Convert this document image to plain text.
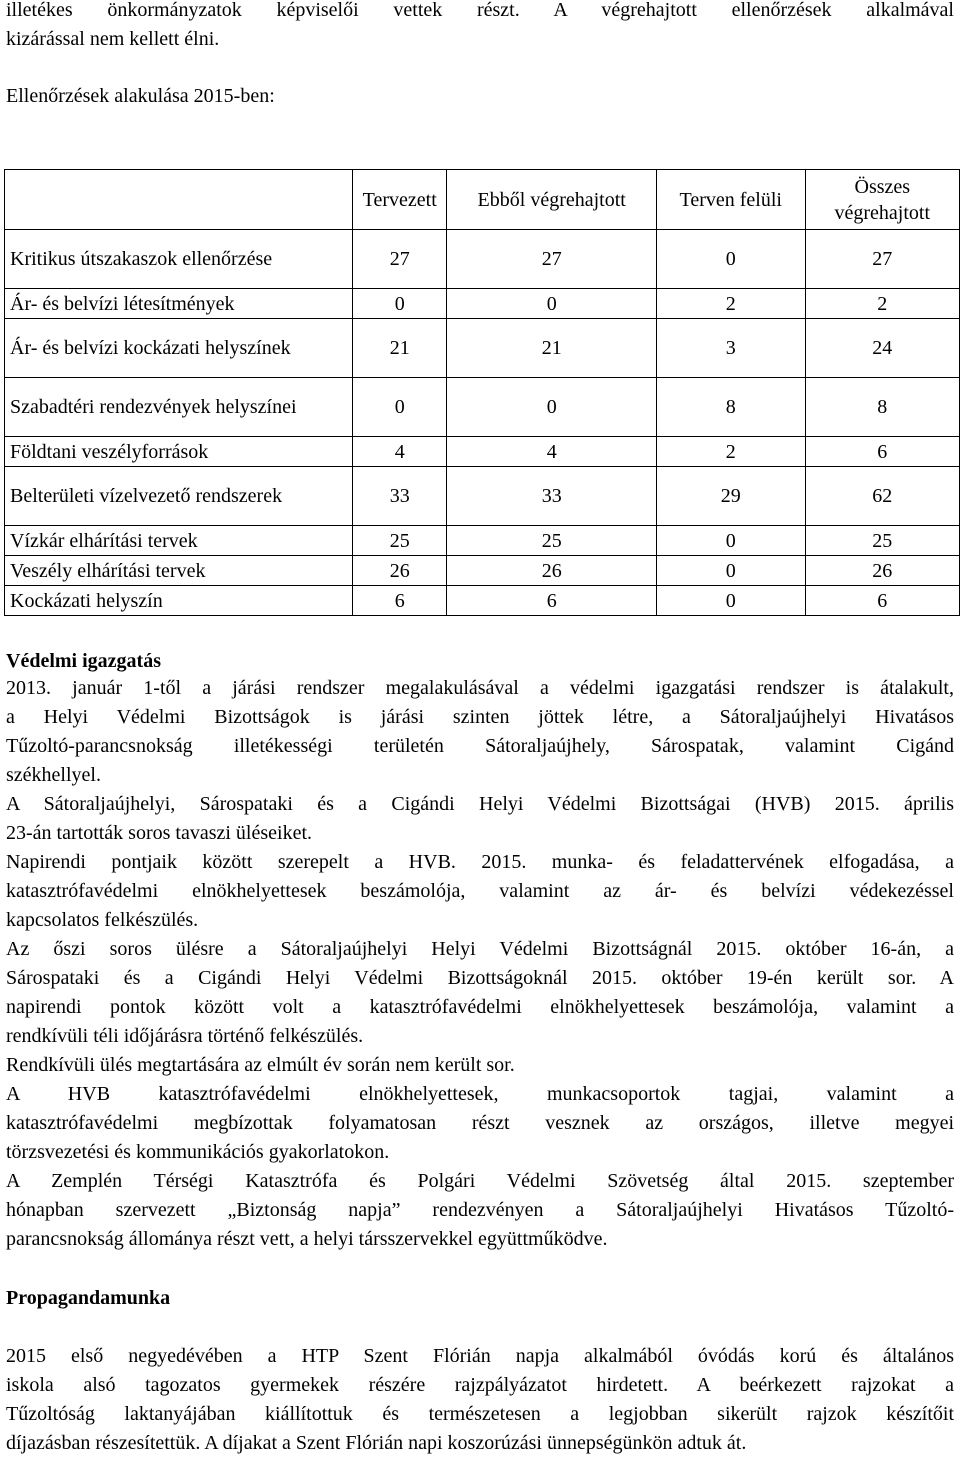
illetékes önkormányzatok képviselői vettek részt. A végrehajtott ellenőrzések alkalmával
kizárással nem kellett élni.
Ellenőrzések alakulása 2015-ben:
	Tervezett	Ebből végrehajtott	Terven felüli	Összes végrehajtott
Kritikus útszakaszok ellenőrzése	27	27	0	27
Ár- és belvízi létesítmények	0	0	2	2
Ár- és belvízi kockázati helyszínek	21	21	3	24
Szabadtéri rendezvények helyszínei	0	0	8	8
Földtani veszélyforrások	4	4	2	6
Belterületi vízelvezető rendszerek	33	33	29	62
Vízkár elhárítási tervek	25	25	0	25
Veszély elhárítási tervek	26	26	0	26
Kockázati helyszín	6	6	0	6
Védelmi igazgatás
2013. január 1-től a járási rendszer megalakulásával a védelmi igazgatási rendszer is átalakult,
a Helyi Védelmi Bizottságok is járási szinten jöttek létre, a Sátoraljaújhelyi Hivatásos
Tűzoltó-parancsnokság illetékességi területén Sátoraljaújhely, Sárospatak, valamint Cigánd
székhellyel.
A Sátoraljaújhelyi, Sárospataki és a Cigándi Helyi Védelmi Bizottságai (HVB) 2015. április
23-án tartották soros tavaszi üléseiket.
Napirendi pontjaik között szerepelt a HVB. 2015. munka- és feladattervének elfogadása, a
katasztrófavédelmi elnökhelyettesek beszámolója, valamint az ár- és belvízi védekezéssel
kapcsolatos felkészülés.
Az őszi soros ülésre a Sátoraljaújhelyi Helyi Védelmi Bizottságnál 2015. október 16-án, a
Sárospataki és a Cigándi Helyi Védelmi Bizottságoknál 2015. október 19-én került sor. A
napirendi pontok között volt a katasztrófavédelmi elnökhelyettesek beszámolója, valamint a
rendkívüli téli időjárásra történő felkészülés.
Rendkívüli ülés megtartására az elmúlt év során nem került sor.
A HVB katasztrófavédelmi elnökhelyettesek, munkacsoportok tagjai, valamint a
katasztrófavédelmi megbízottak folyamatosan részt vesznek az országos, illetve megyei
törzsvezetési és kommunikációs gyakorlatokon.
A Zemplén Térségi Katasztrófa és Polgári Védelmi Szövetség által 2015. szeptember
hónapban szervezett „Biztonság napja” rendezvényen a Sátoraljaújhelyi Hivatásos Tűzoltó-
parancsnokság állománya részt vett, a helyi társszervekkel együttműködve.
Propagandamunka
2015 első negyedévében a HTP Szent Flórián napja alkalmából óvódás korú és általános
iskola alsó tagozatos gyermekek részére rajzpályázatot hirdetett. A beérkezett rajzokat a
Tűzoltóság laktanyájában kiállítottuk és természetesen a legjobban sikerült rajzok készítőit
díjazásban részesítettük. A díjakat a Szent Flórián napi koszorúzási ünnepségünkön adtuk át.
